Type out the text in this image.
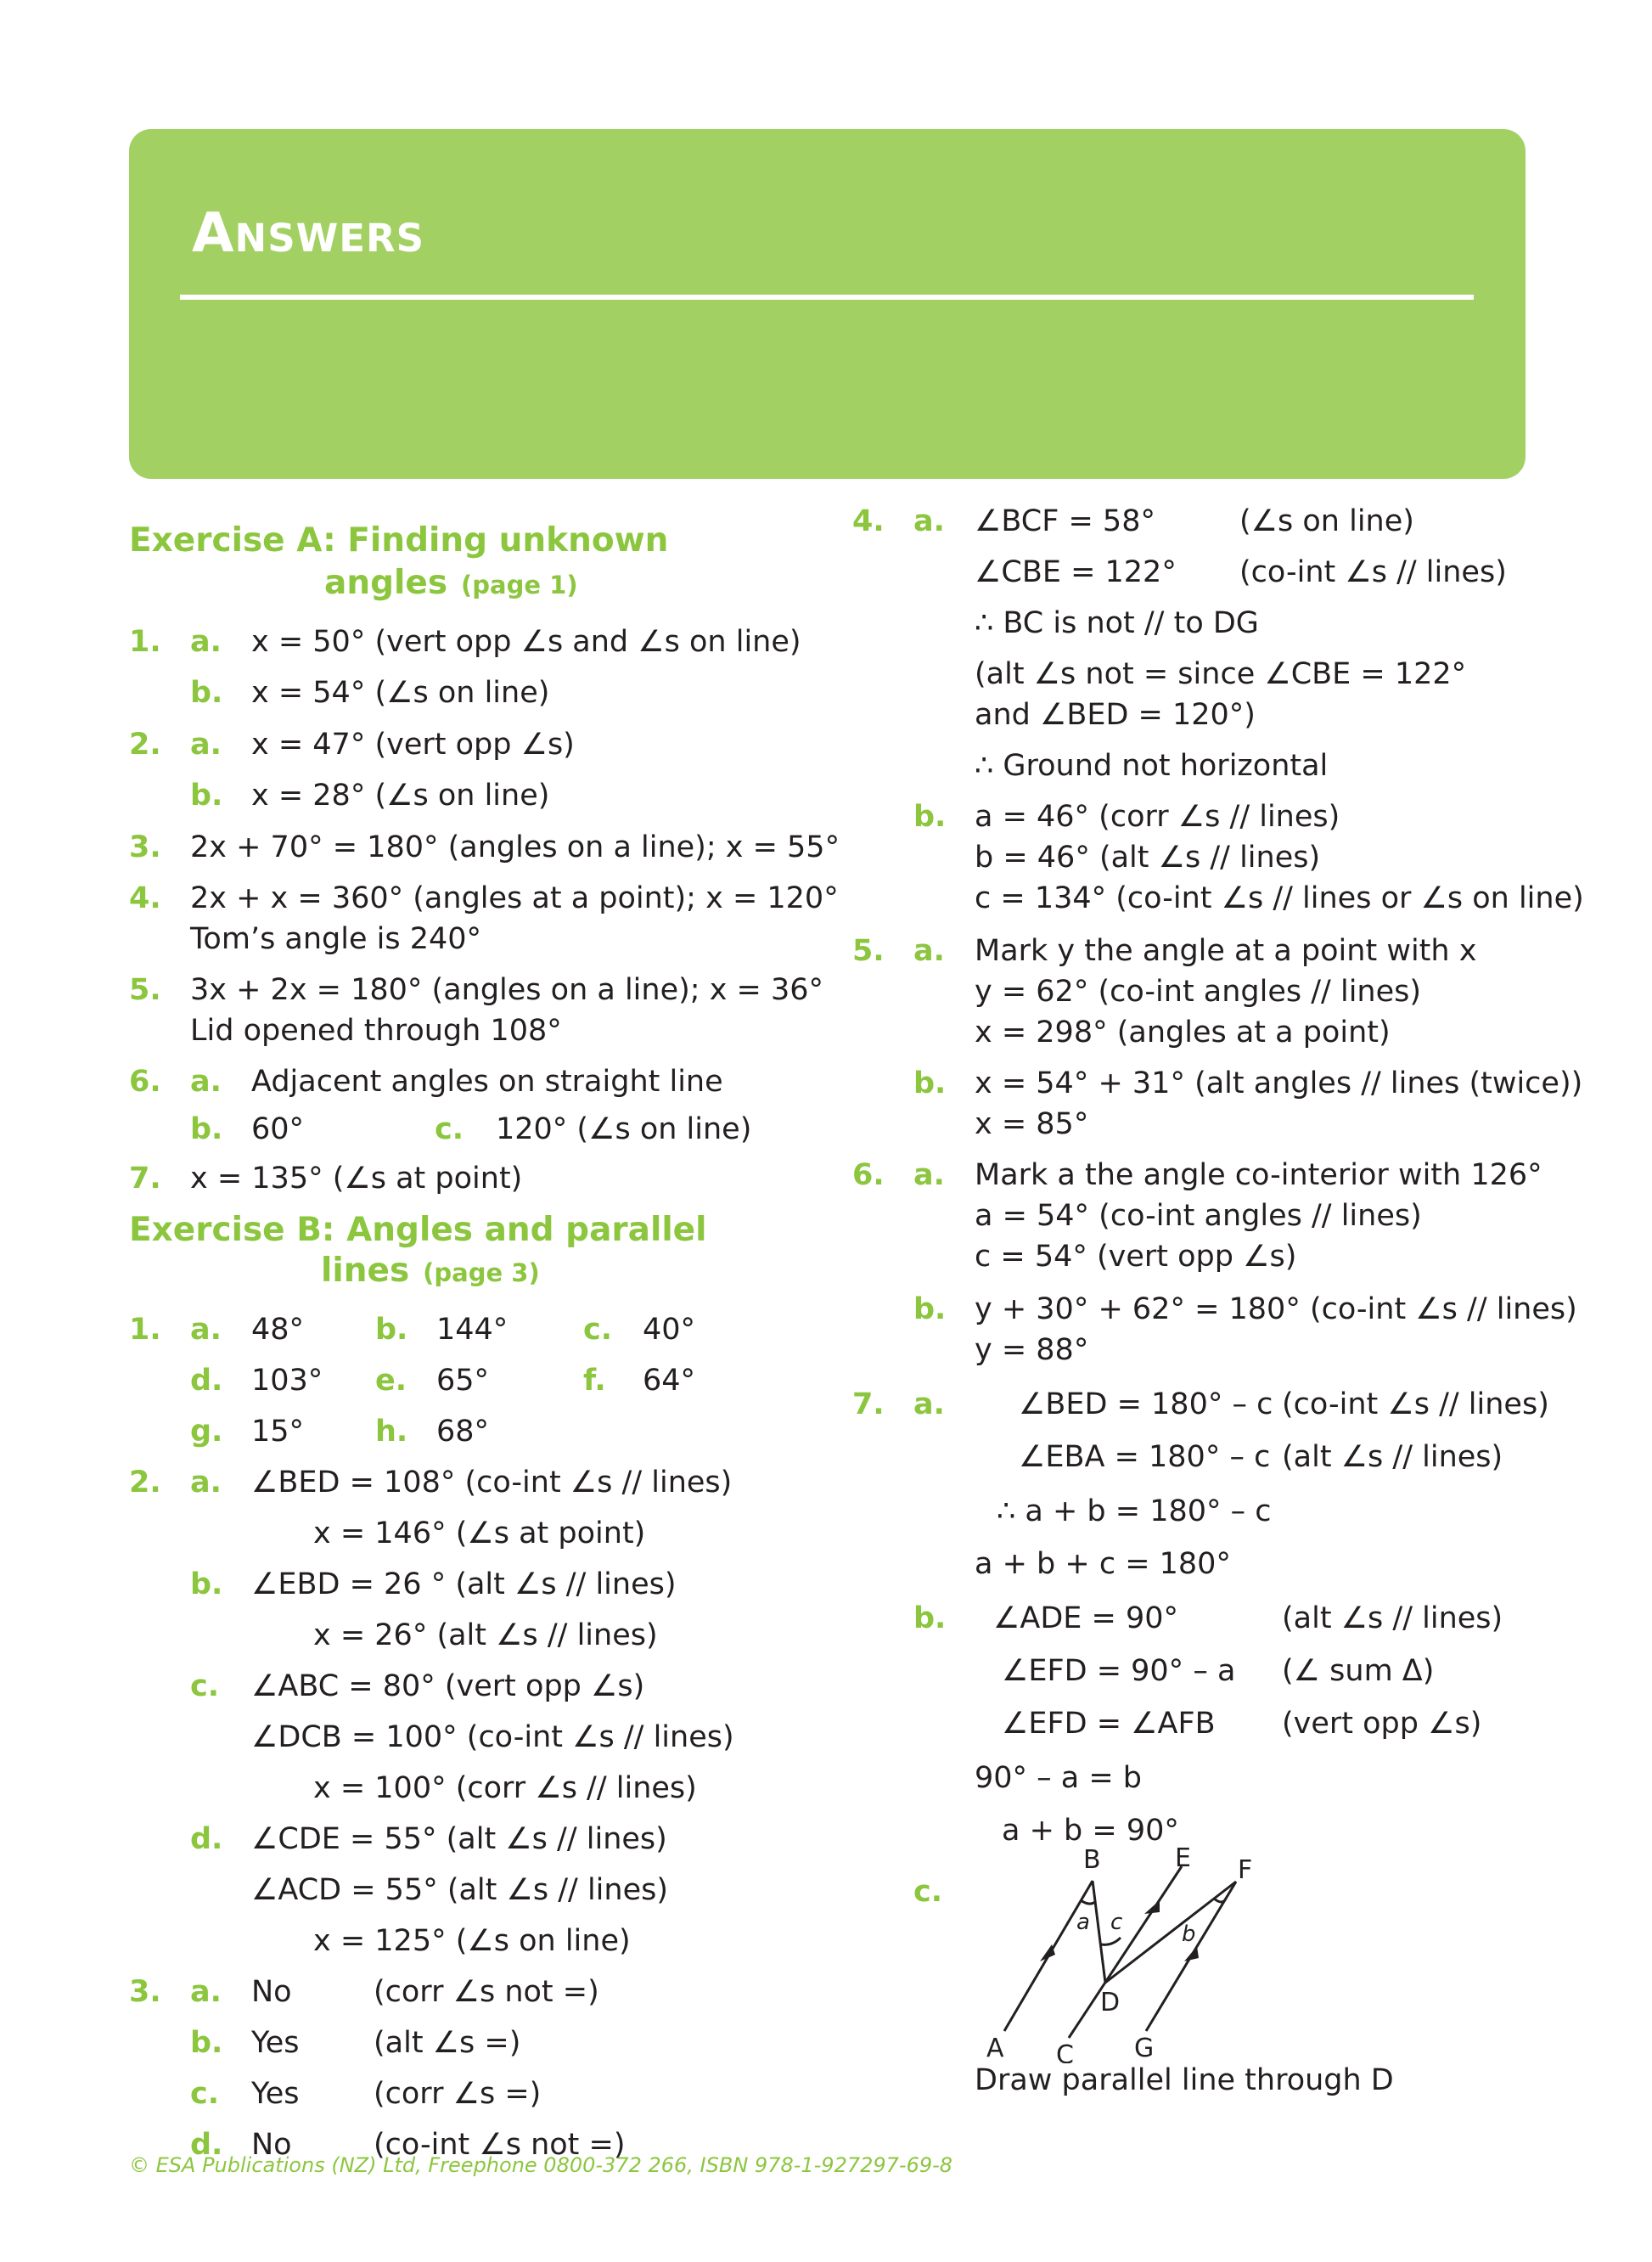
Answers
Exercise A: Finding unknown
angles (page 1)
1. a. x = 50° (vert opp ∠s and ∠s on line)
b. x = 54° (∠s on line)
2. a. x = 47° (vert opp ∠s)
b. x = 28° (∠s on line)
3. 2x + 70° = 180° (angles on a line); x = 55°
4. 2x + x = 360° (angles at a point); x = 120°
Tom’s angle is 240°
5. 3x + 2x = 180° (angles on a line); x = 36°
Lid opened through 108°
6. a. Adjacent angles on straight line
b. 60°	c. 120° (∠s on line)
7. x = 135° (∠s at point)
Exercise B: Angles and parallel
lines (page 3)
1. a. 48° b. 144°	c. 40°
d. 103° e. 65°	f. 64°
g. 15° h. 68°
2. a. ∠BED = 108° (co-int ∠s // lines)
x = 146° (∠s at point)
b. ∠EBD = 26 ° (alt ∠s // lines)
x = 26° (alt ∠s // lines)
c. ∠ABC = 80° (vert opp ∠s)
∠DCB = 100° (co-int ∠s // lines)
x = 100° (corr ∠s // lines)
d. ∠CDE = 55° (alt ∠s // lines)
∠ACD = 55° (alt ∠s // lines)
x = 125° (∠s on line)
3. a. No	(corr ∠s not =)
b. Yes	(alt ∠s =)
c. Yes	(corr ∠s =)
d. No	(co-int ∠s not =)
4. a. ∠BCF = 58°	(∠s on line)
∠CBE = 122° (co-int ∠s // lines)
∴ BC is not // to DG
(alt ∠s not = since ∠CBE = 122°
and ∠BED = 120°)
∴ Ground not horizontal
b. a = 46° (corr ∠s // lines)
b = 46° (alt ∠s // lines)
c = 134° (co-int ∠s // lines or ∠s on line)
5. a. Mark y the angle at a point with x
y = 62° (co-int angles // lines)
x = 298° (angles at a point)
b. x = 54° + 31° (alt angles // lines (twice))
x = 85°
6. a. Mark a the angle co-interior with 126°
a = 54° (co-int angles // lines)
c = 54° (vert opp ∠s)
b. y + 30° + 62° = 180° (co-int ∠s // lines)
y = 88°
7. a. ∠BED = 180° – c (co-int ∠s // lines)
∠EBA = 180° – c (alt ∠s // lines)
∴ a + b = 180° – c
a + b + c = 180°
b. ∠ADE = 90°	(alt ∠s // lines)
∠EFD = 90° – a (∠ sum Δ)
∠EFD = ∠AFB (vert opp ∠s)
90° – a = b
a + b = 90°
c.
Draw parallel line through D
A
B
C
D
E F
G
a c	b
© ESA Publications (NZ) Ltd, Freephone 0800-372 266, ISBN 978-1-927297-69-8
